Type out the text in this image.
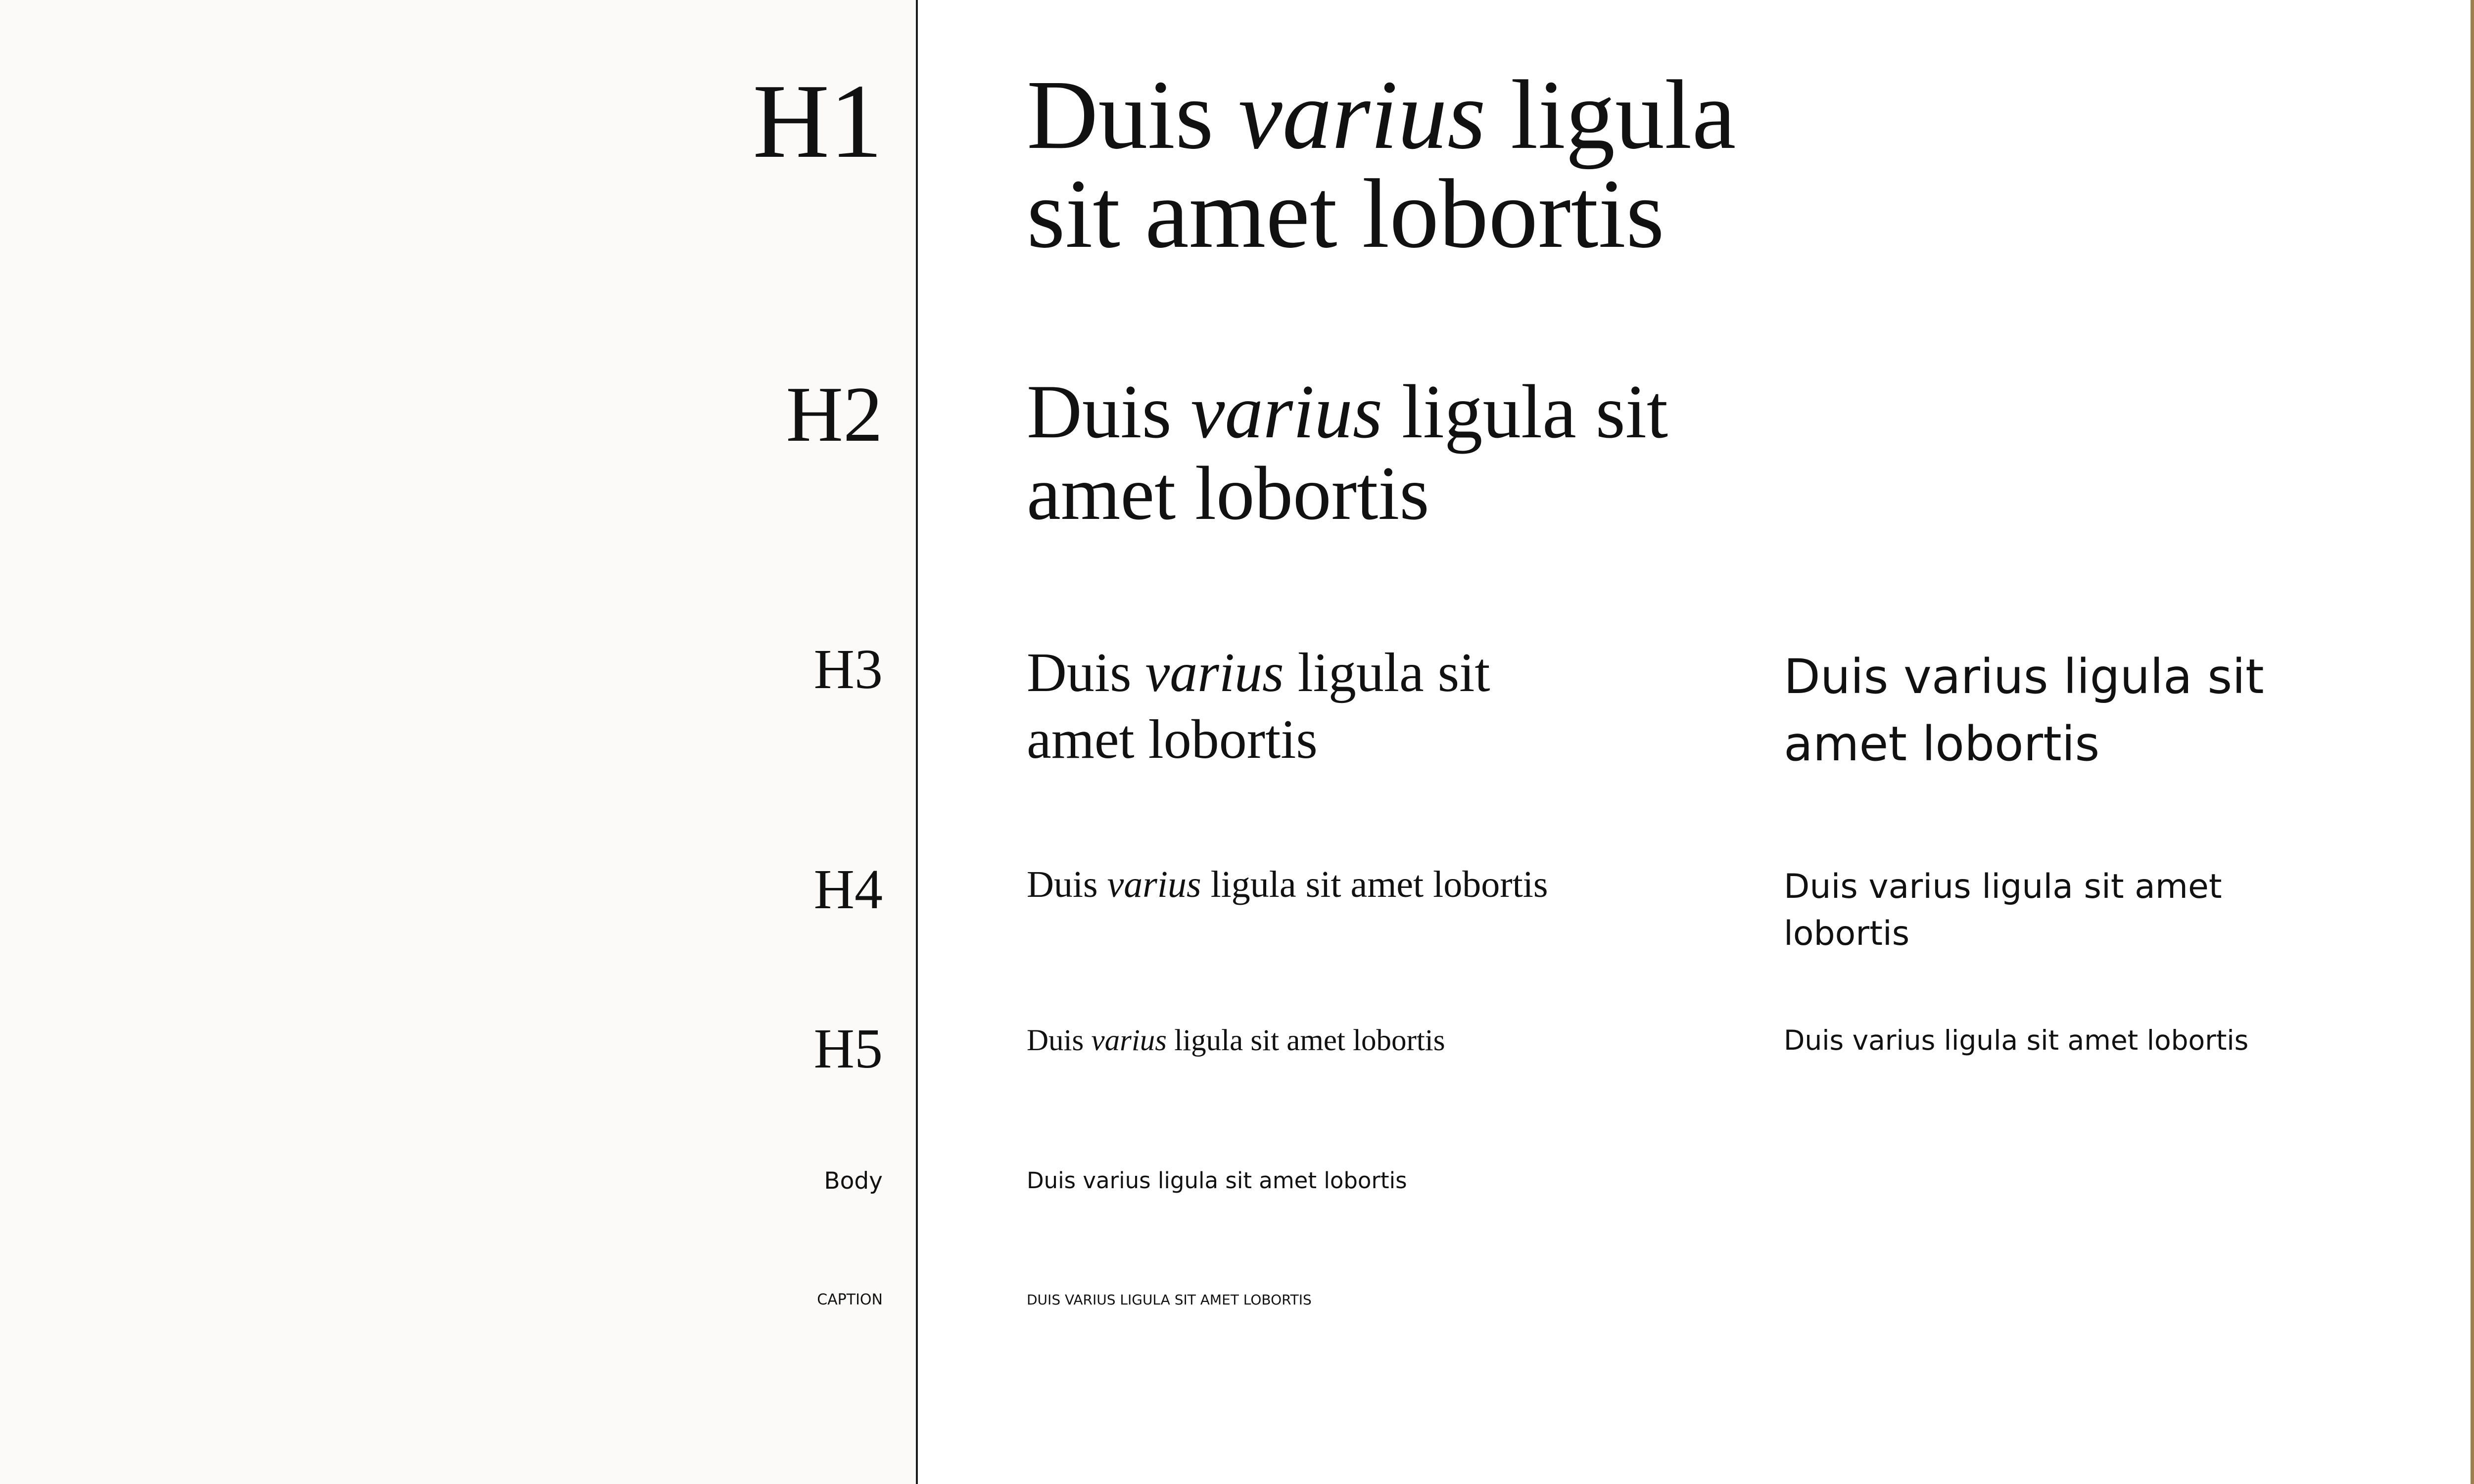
H1
H2
H3
H4
H5
Body
CAPTION
Duis varius ligula
sit amet lobortis
Duis varius ligula sit
amet lobortis
Duis varius ligula sit
amet lobortis
Duis varius ligula sit
amet lobortis
Duis varius ligula sit amet lobortis	Duis varius ligula sit amet
lobortis
Duis varius ligula sit amet lobortis	Duis varius ligula sit amet lobortis
Duis varius ligula sit amet lobortis
DUIS VARIUS LIGULA SIT AMET LOBORTIS
